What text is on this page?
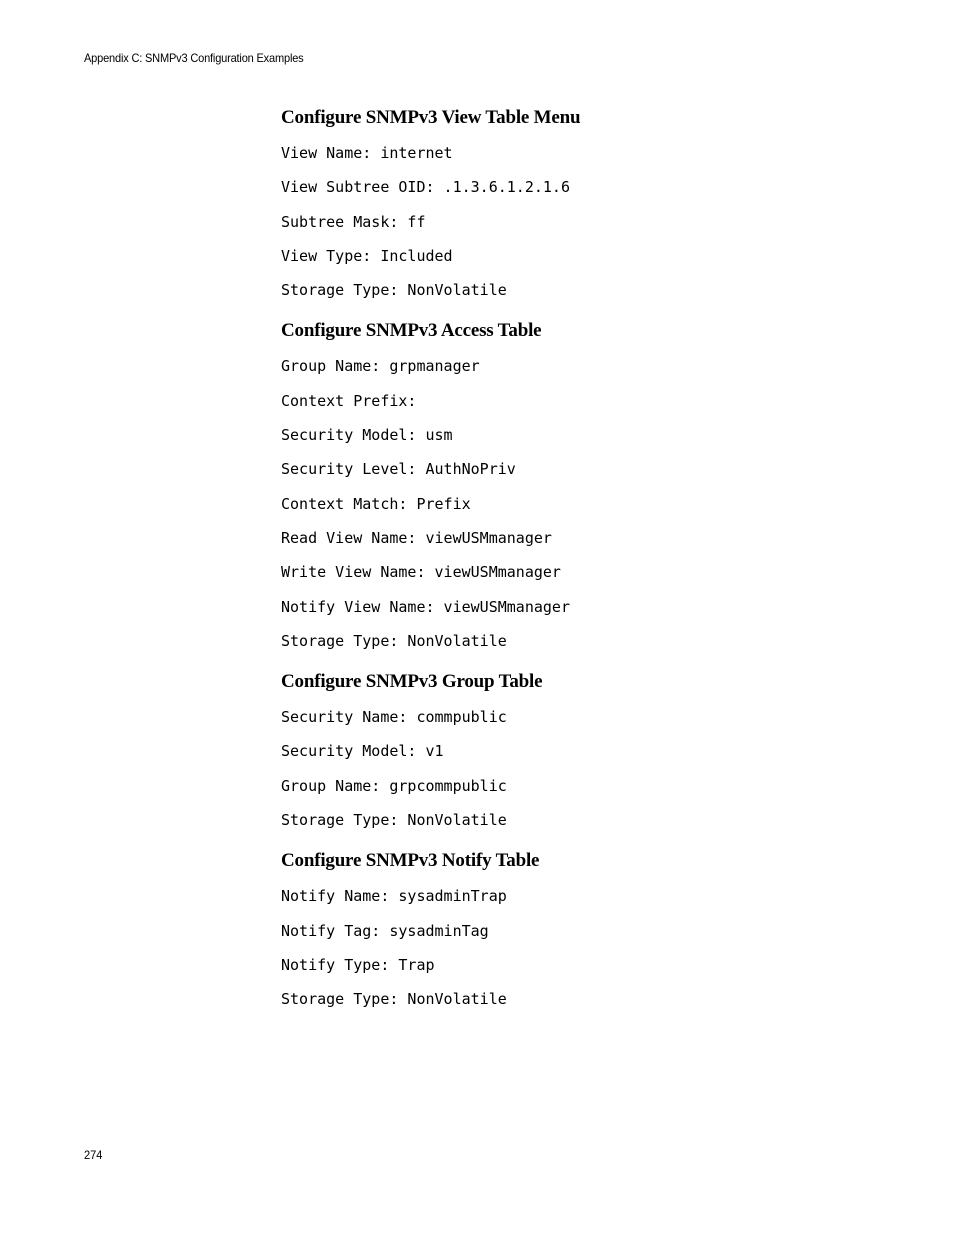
Appendix C: SNMPv3 Configuration Examples
Configure SNMPv3 View Table Menu
View Name: internet
View Subtree OID: .1.3.6.1.2.1.6
Subtree Mask: ff
View Type: Included
Storage Type: NonVolatile
Configure SNMPv3 Access Table
Group Name: grpmanager
Context Prefix:
Security Model: usm
Security Level: AuthNoPriv
Context Match: Prefix
Read View Name: viewUSMmanager
Write View Name: viewUSMmanager
Notify View Name: viewUSMmanager
Storage Type: NonVolatile
Configure SNMPv3 Group Table
Security Name: commpublic
Security Model: v1
Group Name: grpcommpublic
Storage Type: NonVolatile
Configure SNMPv3 Notify Table
Notify Name: sysadminTrap
Notify Tag: sysadminTag
Notify Type: Trap
Storage Type: NonVolatile
274
